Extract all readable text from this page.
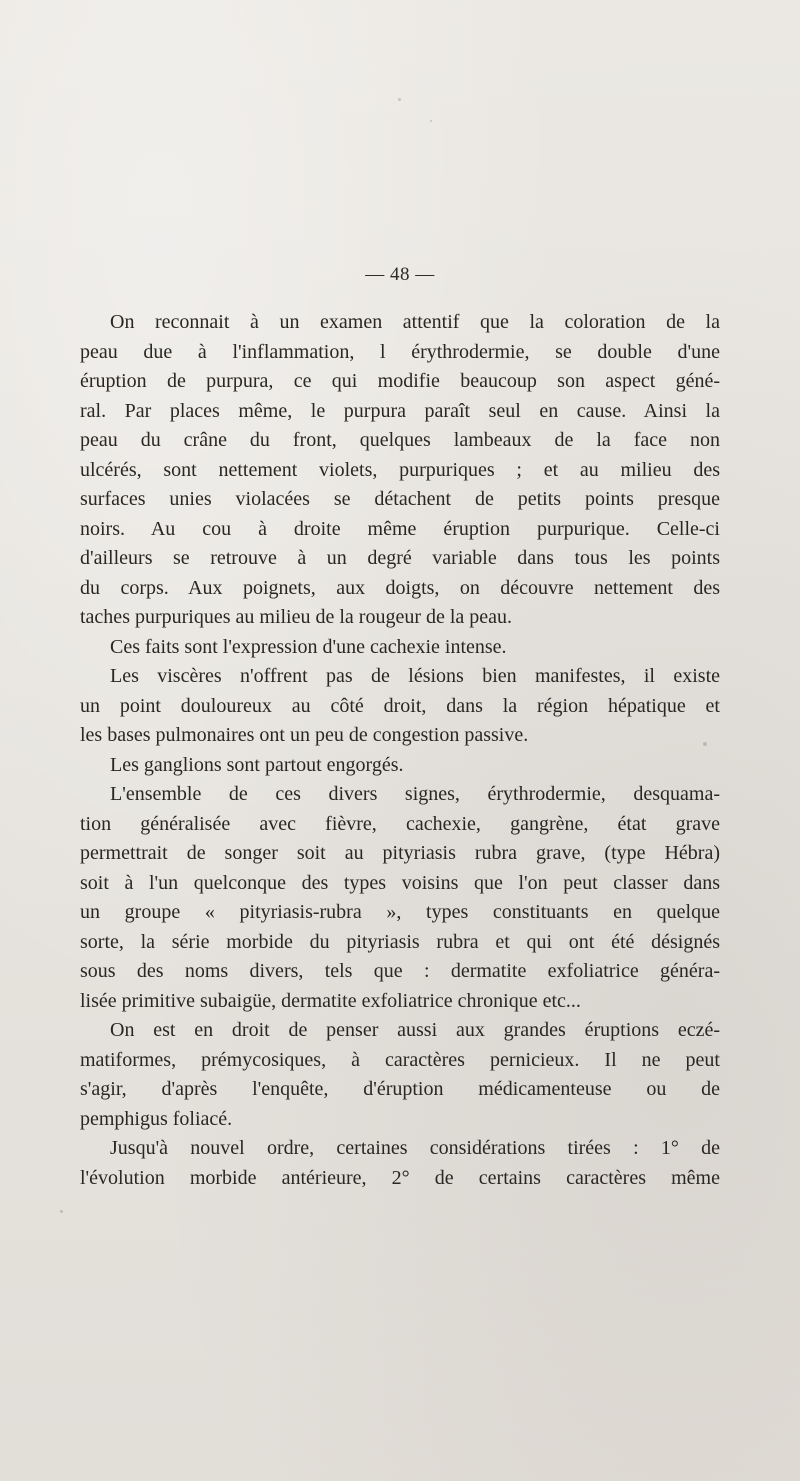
— 48 —

On reconnait à un examen attentif que la coloration de la

peau due à l'inflammation, l érythrodermie, se double d'une

éruption de purpura, ce qui modifie beaucoup son aspect géné-

ral. Par places même, le purpura paraît seul en cause. Ainsi la

peau du crâne du front, quelques lambeaux de la face non

ulcérés, sont nettement violets, purpuriques ; et au milieu des

surfaces unies violacées se détachent de petits points presque

noirs. Au cou à droite même éruption purpurique. Celle-ci

d'ailleurs se retrouve à un degré variable dans tous les points

du corps. Aux poignets, aux doigts, on découvre nettement des

taches purpuriques au milieu de la rougeur de la peau.

Ces faits sont l'expression d'une cachexie intense.

Les viscères n'offrent pas de lésions bien manifestes, il existe

un point douloureux au côté droit, dans la région hépatique et

les bases pulmonaires ont un peu de congestion passive.

Les ganglions sont partout engorgés.

L'ensemble de ces divers signes, érythrodermie, desquama-

tion généralisée avec fièvre, cachexie, gangrène, état grave

permettrait de songer soit au pityriasis rubra grave, (type Hébra)

soit à l'un quelconque des types voisins que l'on peut classer dans

un groupe « pityriasis-rubra », types constituants en quelque

sorte, la série morbide du pityriasis rubra et qui ont été désignés

sous des noms divers, tels que : dermatite exfoliatrice généra-

lisée primitive subaigüe, dermatite exfoliatrice chronique etc...

On est en droit de penser aussi aux grandes éruptions eczé-

matiformes, prémycosiques, à caractères pernicieux. Il ne peut

s'agir, d'après l'enquête, d'éruption médicamenteuse ou de

pemphigus foliacé.

Jusqu'à nouvel ordre, certaines considérations tirées : 1° de

l'évolution morbide antérieure, 2° de certains caractères même
